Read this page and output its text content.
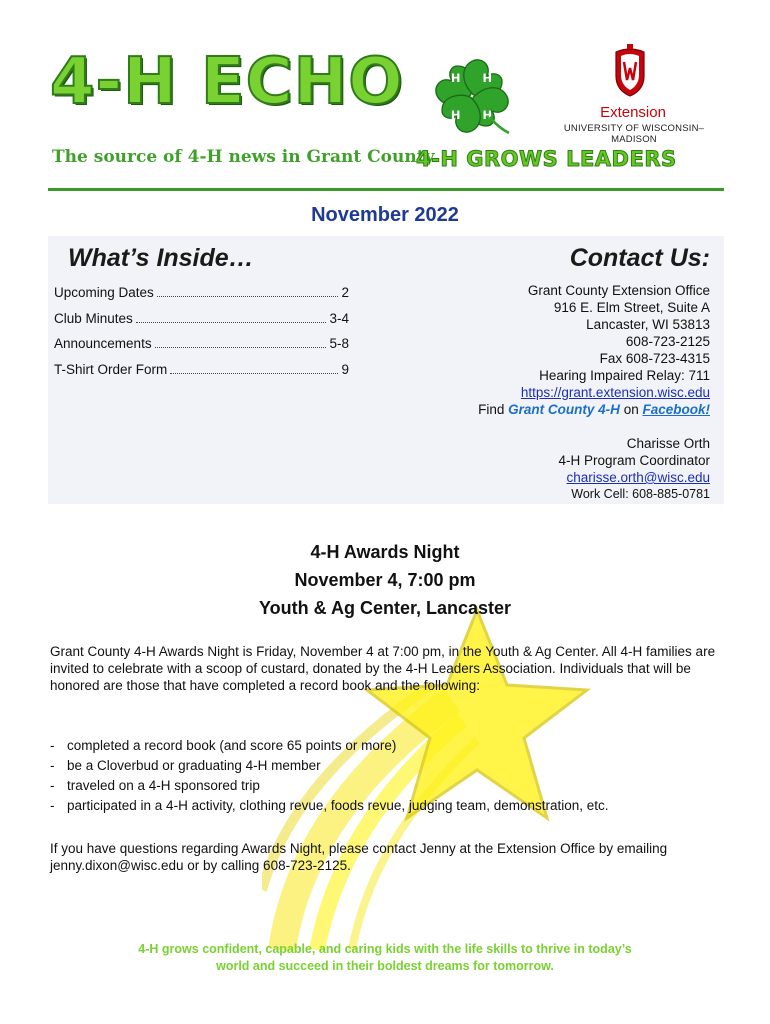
4-H ECHO
The source of 4-H news in Grant County
H H
H H	Extension
UNIVERSITY OF WISCONSIN–MADISON
4-H GROWS LEADERS
November 2022
What’s Inside…
Upcoming Dates	2
Club Minutes	3-4
Announcements	5-8
T-Shirt Order Form	9
Contact Us:
Grant County Extension Office
916 E. Elm Street, Suite A
Lancaster, WI 53813
608-723-2125
Fax 608-723-4315
Hearing Impaired Relay: 711
https://grant.extension.wisc.edu
Find Grant County 4-H on Facebook!
Charisse Orth
4-H Program Coordinator
charisse.orth@wisc.edu
Work Cell: 608-885-0781
4-H Awards Night
November 4, 7:00 pm
Youth & Ag Center, Lancaster
Grant County 4-H Awards Night is Friday, November 4 at 7:00 pm, in the Youth & Ag Center. All 4-H families are invited to celebrate with a scoop of custard, donated by the 4-H Leaders Association. Individuals that will be honored are those that have completed a record book and the following:
- completed a record book (and score 65 points or more)
- be a Cloverbud or graduating 4-H member
- traveled on a 4-H sponsored trip
- participated in a 4-H activity, clothing revue, foods revue, judging team, demonstration, etc.
If you have questions regarding Awards Night, please contact Jenny at the Extension Office by emailing jenny.dixon@wisc.edu or by calling 608-723-2125.
4-H grows confident, capable, and caring kids with the life skills to thrive in today’s
world and succeed in their boldest dreams for tomorrow.
